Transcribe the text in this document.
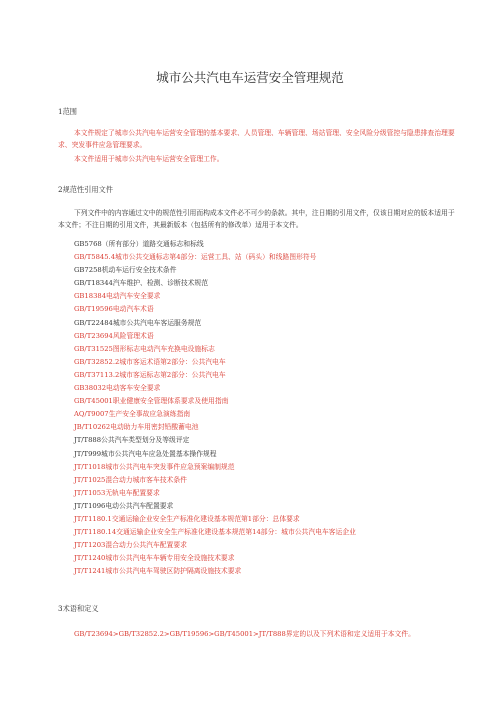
城市公共汽电车运营安全管理规范
1范围
本文件规定了城市公共汽电车运营安全管理的基本要求、人员管理、车辆管理、场站管理、安全风险分级管控与隐患排查治理要求、突发事件应急管理要求。
本文件适用于城市公共汽电车运营安全管理工作。
2规范性引用文件
下列文件中的内容通过文中的规范性引用而构成本文件必不可少的条款。其中，注日期的引用文件，仅该日期对应的版本适用于本文件；不注日期的引用文件，其最新版本（包括所有的修改单）适用于本文件。
GB5768（所有部分）道路交通标志和标线
GB/T5845.4城市公共交通标志第4部分：运营工具、站（码头）和线路图形符号
GB7258机动车运行安全技术条件
GB/T18344汽车维护、检测、诊断技术规范
GB18384电动汽车安全要求
GB/T19596电动汽车术语
GB/T22484城市公共汽电车客运服务规范
GB/T23694风险管理术语
GB/T31525图形标志电动汽车充换电设施标志
GB/T32852.2城市客运术语第2部分：公共汽电车
GB/T37113.2城市客运标志第2部分：公共汽电车
GB38032电动客车安全要求
GB/T45001职业健康安全管理体系要求及使用指南
AQ/T9007生产安全事故应急演练指南
JB/T10262电动助力车用密封铅酸蓄电池
JT/T888公共汽车类型划分及等级评定
JT/T999城市公共汽电车应急处置基本操作规程
JT/T1018城市公共汽电车突发事件应急预案编制规范
JT/T1025混合动力城市客车技术条件
JT/T1053无轨电车配置要求
JT/T1096电动公共汽车配置要求
JT/T1180.1交通运输企业安全生产标准化建设基本规范第1部分：总体要求
JT/T1180.14交通运输企业安全生产标准化建设基本规范第14部分：城市公共汽电车客运企业
JT/T1203混合动力公共汽车配置要求
JT/T1240城市公共汽电车车辆专用安全设施技术要求
JT/T1241城市公共汽电车驾驶区防护隔离设施技术要求
3术语和定义
GB/T23694>GB/T32852.2>GB/T19596>GB/T45001>JT/T888界定的以及下列术语和定义适用于本文件。
